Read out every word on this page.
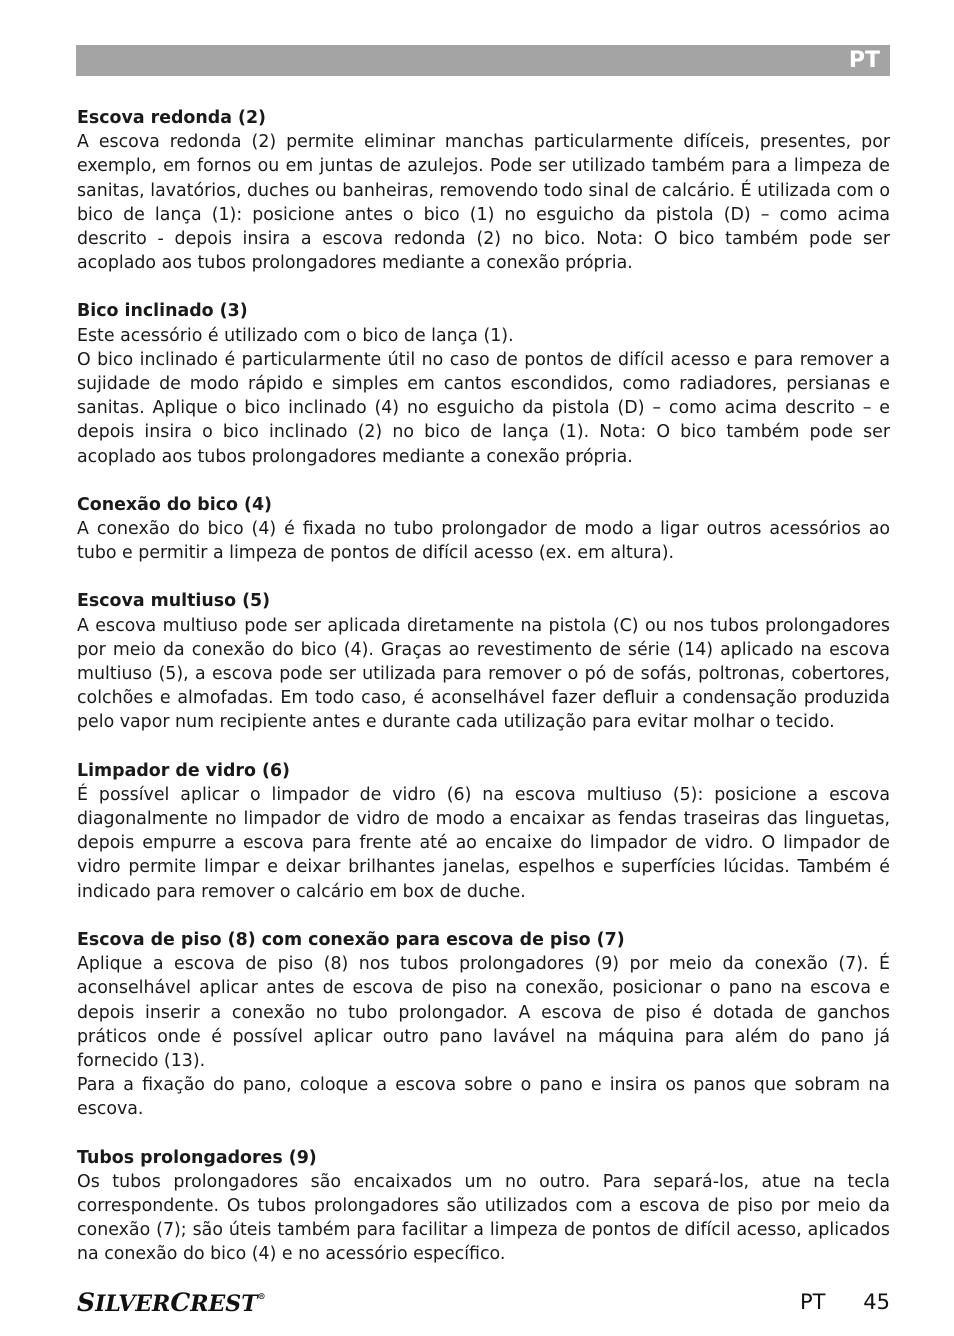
PT
Escova redonda (2)

A escova redonda (2) permite eliminar manchas particularmente difíceis, presentes, por exemplo, em fornos ou em juntas de azulejos. Pode ser utilizado também para a limpeza de sanitas, lavatórios, duches ou banheiras, removendo todo sinal de calcário. É utilizada com o bico de lança (1): posicione antes o bico (1) no esguicho da pistola (D) – como acima descrito - depois insira a escova redonda (2) no bico. Nota: O bico também pode ser acoplado aos tubos prolongadores mediante a conexão própria.

Bico inclinado (3)

Este acessório é utilizado com o bico de lança (1).

O bico inclinado é particularmente útil no caso de pontos de difícil acesso e para remover a sujidade de modo rápido e simples em cantos escondidos, como radiadores, persianas e sanitas. Aplique o bico inclinado (4) no esguicho da pistola (D) – como acima descrito – e depois insira o bico inclinado (2) no bico de lança (1). Nota: O bico também pode ser acoplado aos tubos prolongadores mediante a conexão própria.

Conexão do bico (4)

A conexão do bico (4) é fixada no tubo prolongador de modo a ligar outros acessórios ao tubo e permitir a limpeza de pontos de difícil acesso (ex. em altura).

Escova multiuso (5)

A escova multiuso pode ser aplicada diretamente na pistola (C) ou nos tubos prolongadores por meio da conexão do bico (4). Graças ao revestimento de série (14) aplicado na escova multiuso (5), a escova pode ser utilizada para remover o pó de sofás, poltronas, cobertores, colchões e almofadas. Em todo caso, é aconselhável fazer defluir a condensação produzida pelo vapor num recipiente antes e durante cada utilização para evitar molhar o tecido.

Limpador de vidro (6)

É possível aplicar o limpador de vidro (6) na escova multiuso (5): posicione a escova diagonalmente no limpador de vidro de modo a encaixar as fendas traseiras das linguetas, depois empurre a escova para frente até ao encaixe do limpador de vidro. O limpador de vidro permite limpar e deixar brilhantes janelas, espelhos e superfícies lúcidas. Também é indicado para remover o calcário em box de duche.

Escova de piso (8) com conexão para escova de piso (7)

Aplique a escova de piso (8) nos tubos prolongadores (9) por meio da conexão (7). É aconselhável aplicar antes de escova de piso na conexão, posicionar o pano na escova e depois inserir a conexão no tubo prolongador. A escova de piso é dotada de ganchos práticos onde é possível aplicar outro pano lavável na máquina para além do pano já fornecido (13).

Para a fixação do pano, coloque a escova sobre o pano e insira os panos que sobram na escova.

Tubos prolongadores (9)

Os tubos prolongadores são encaixados um no outro. Para separá-los, atue na tecla correspondente. Os tubos prolongadores são utilizados com a escova de piso por meio da conexão (7); são úteis também para facilitar a limpeza de pontos de difícil acesso, aplicados na conexão do bico (4) e no acessório específico.

SILVERCREST®	PT 45
